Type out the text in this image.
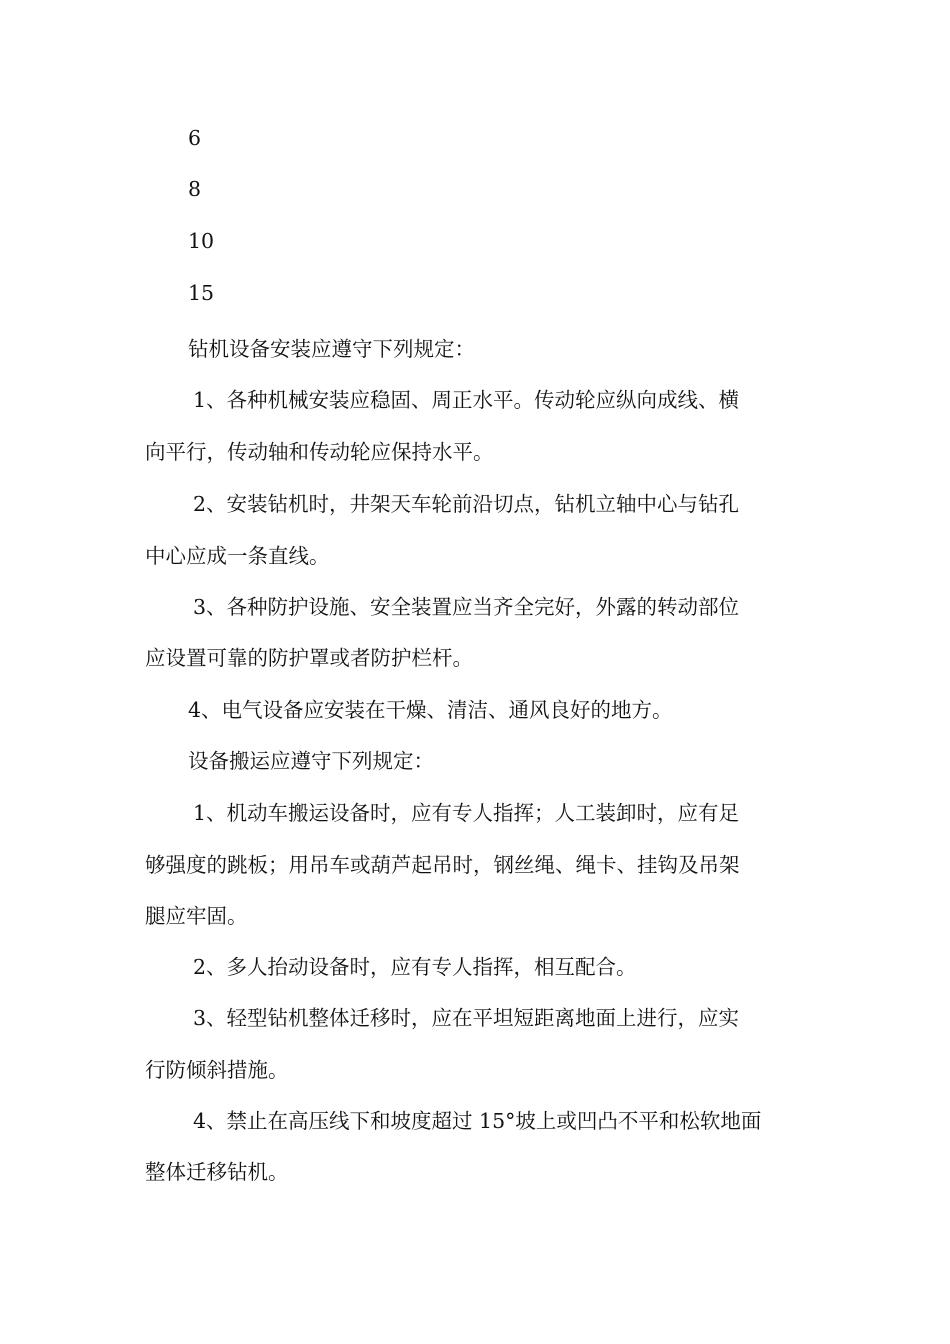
6
8
10
15
钻机设备安装应遵守下列规定：
1、各种机械安装应稳固、周正水平。传动轮应纵向成线、横
向平行，传动轴和传动轮应保持水平。
2、安装钻机时，井架天车轮前沿切点，钻机立轴中心与钻孔
中心应成一条直线。
3、各种防护设施、安全装置应当齐全完好，外露的转动部位
应设置可靠的防护罩或者防护栏杆。
4、电气设备应安装在干燥、清洁、通风良好的地方。
设备搬运应遵守下列规定：
1、机动车搬运设备时，应有专人指挥；人工装卸时，应有足
够强度的跳板；用吊车或葫芦起吊时，钢丝绳、绳卡、挂钩及吊架
腿应牢固。
2、多人抬动设备时，应有专人指挥，相互配合。
3、轻型钻机整体迁移时，应在平坦短距离地面上进行，应实
行防倾斜措施。
4、禁止在高压线下和坡度超过 15°坡上或凹凸不平和松软地面
整体迁移钻机。
